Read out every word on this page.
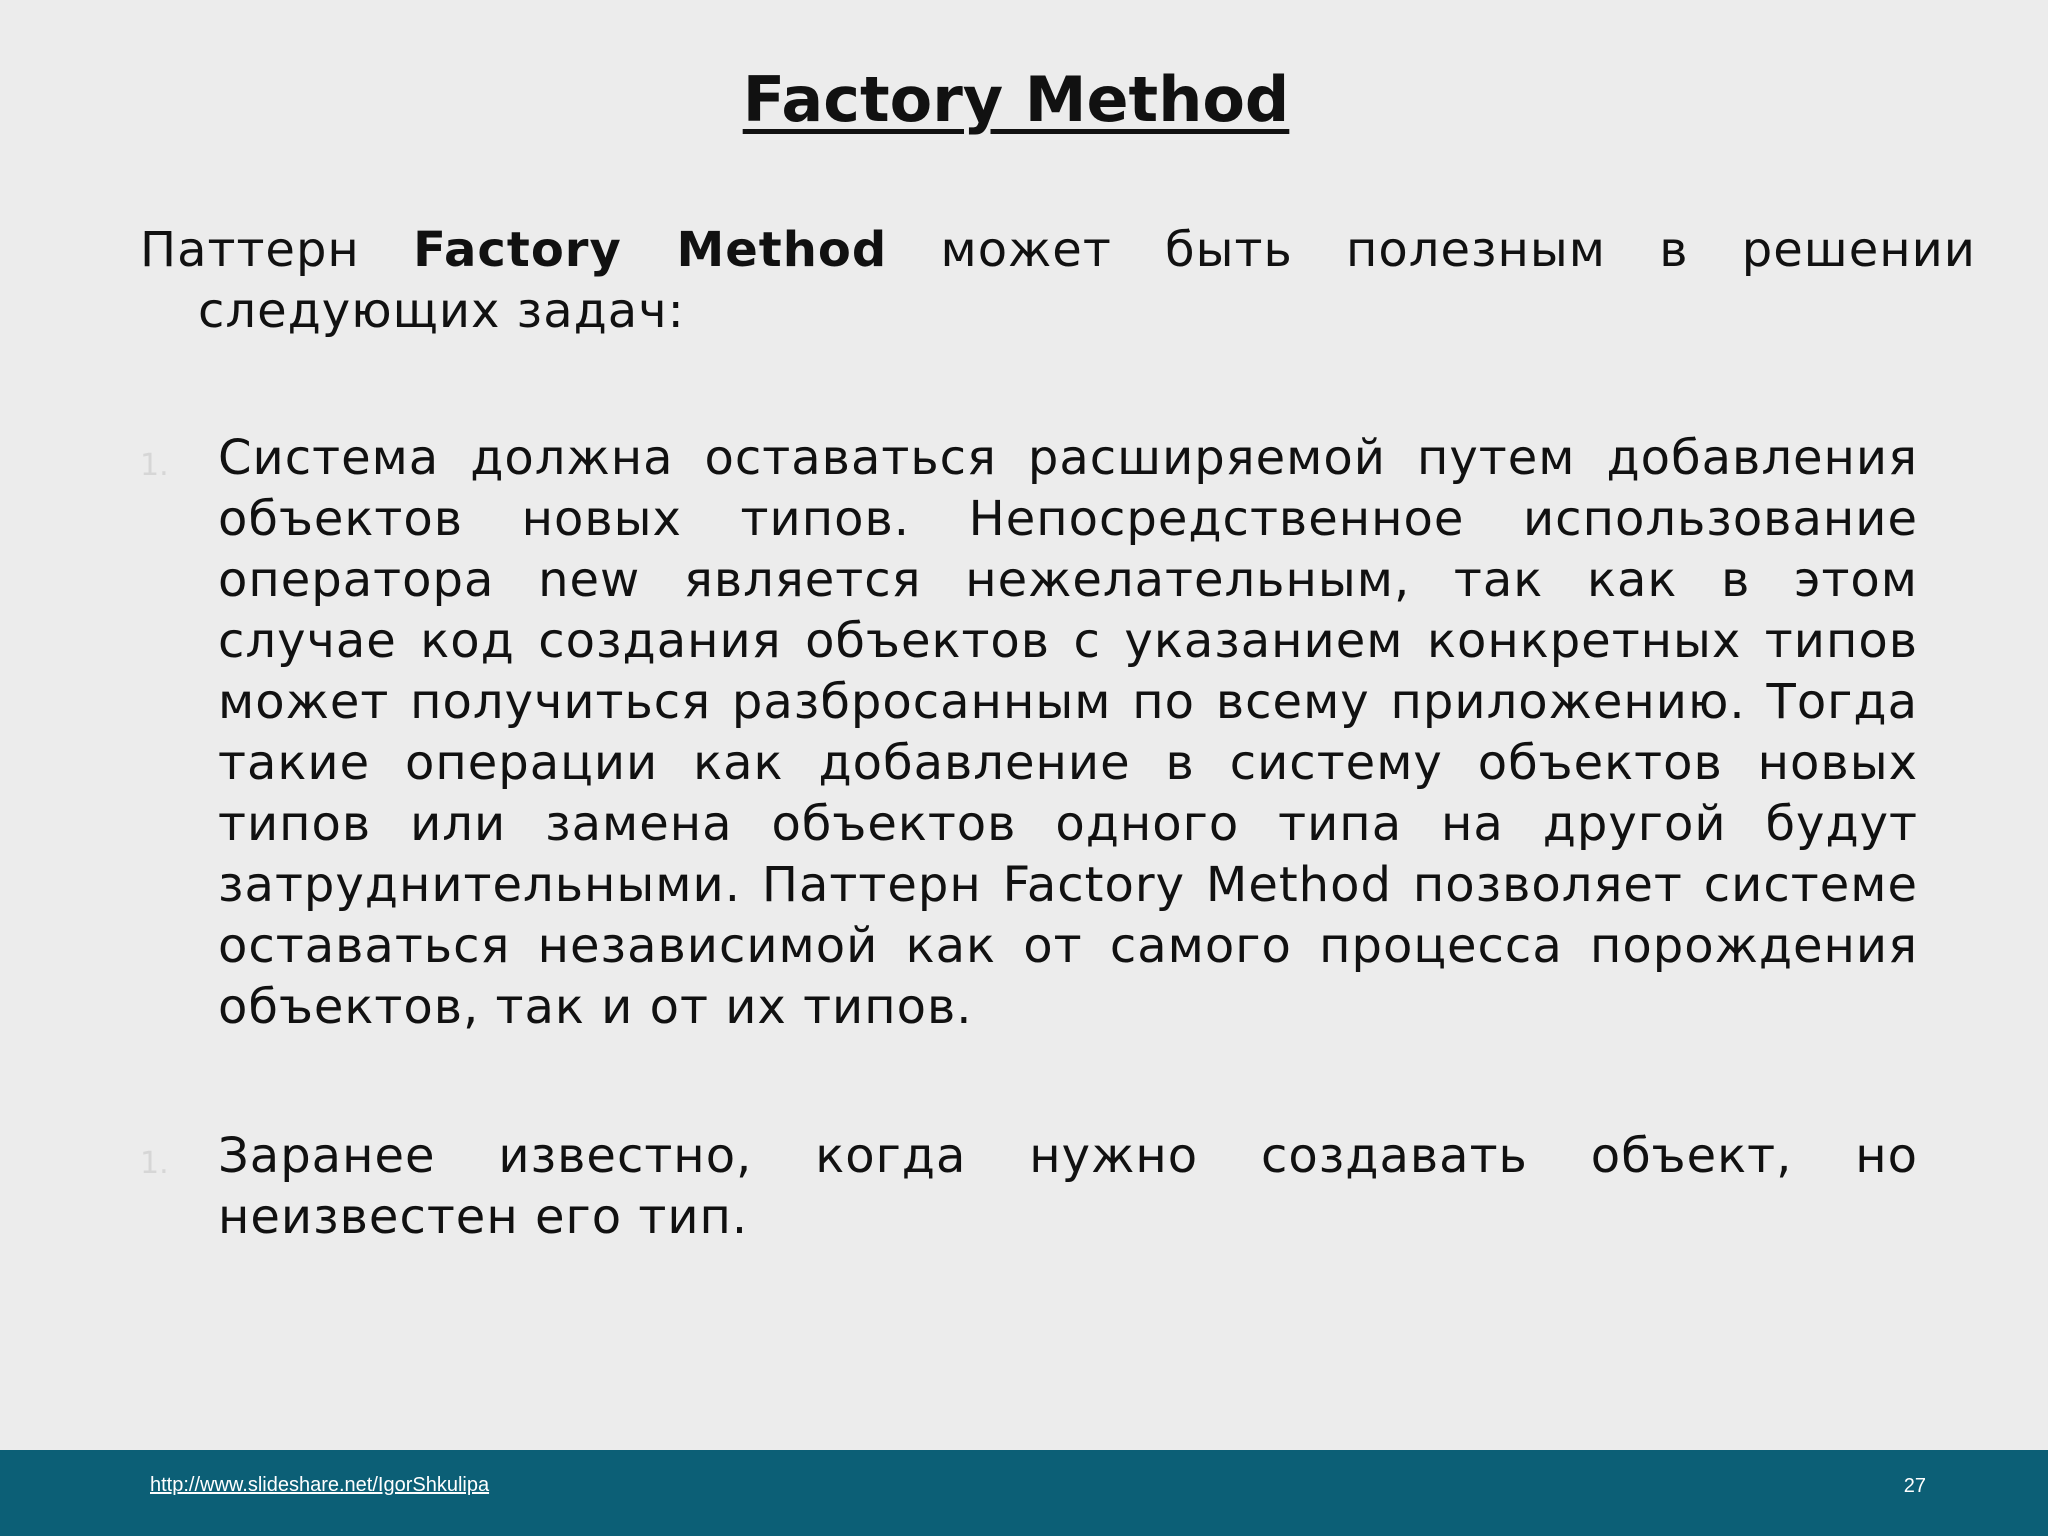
Factory Method
Паттерн Factory Method может быть полезным в решении следующих задач:
1. Система должна оставаться расширяемой путем добавления объектов новых типов. Непосредственное использование оператора new является нежелательным, так как в этом случае код создания объектов с указанием конкретных типов может получиться разбросанным по всему приложению. Тогда такие операции как добавление в систему объектов новых типов или замена объектов одного типа на другой будут затруднительными. Паттерн Factory Method позволяет системе оставаться независимой как от самого процесса порождения объектов, так и от их типов.
1. Заранее известно, когда нужно создавать объект, но неизвестен его тип.
http://www.slideshare.net/IgorShkulipa	27
